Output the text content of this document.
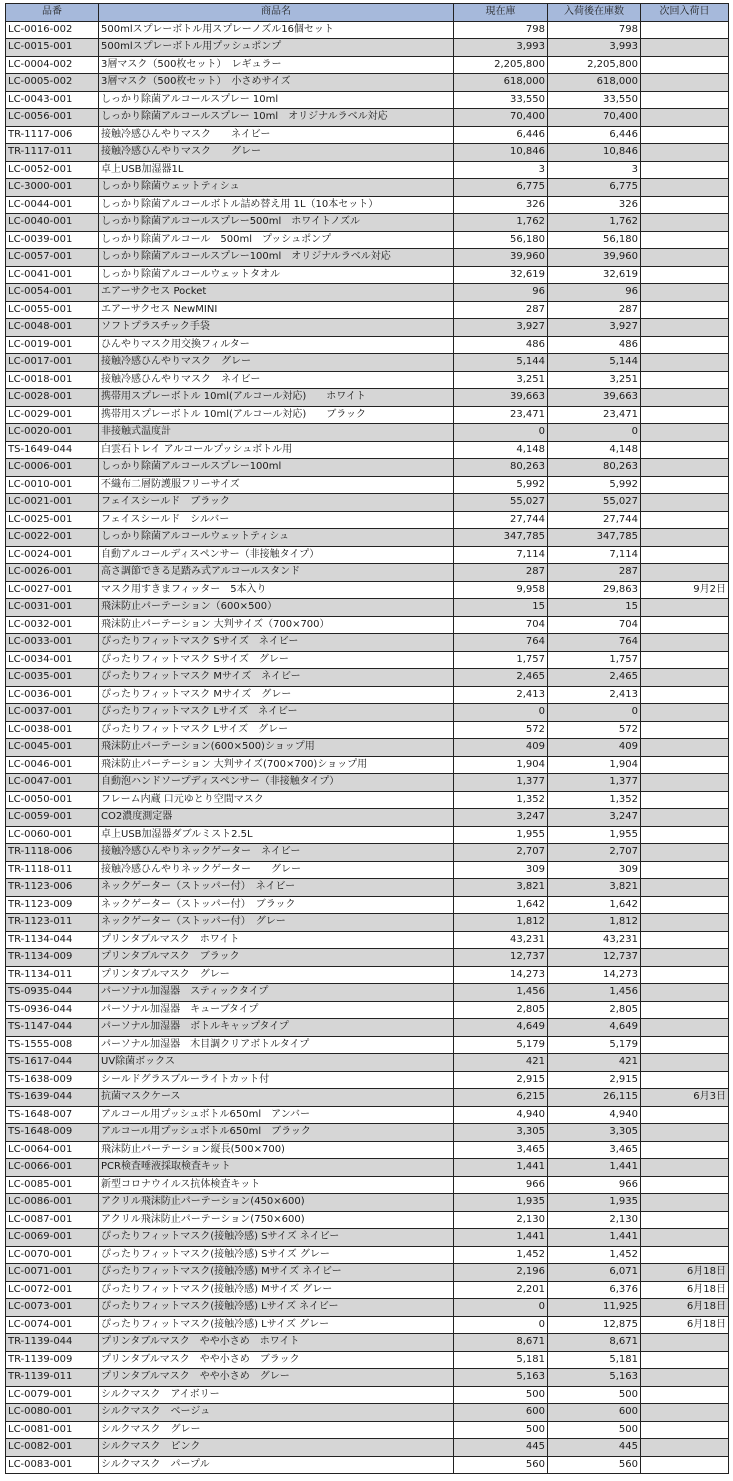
品番	商品名	現在庫	入荷後在庫数	次回入荷日
LC-0016-002	500mlスプレーボトル用スプレーノズル16個セット	798	798	
LC-0015-001	500mlスプレーボトル用プッシュポンプ	3,993	3,993	
LC-0004-002	3層マスク（500枚セット）　レギュラー	2,205,800	2,205,800	
LC-0005-002	3層マスク（500枚セット）　小さめサイズ	618,000	618,000	
LC-0043-001	しっかり除菌アルコールスプレー 10ml	33,550	33,550	
LC-0056-001	しっかり除菌アルコールスプレー 10ml　オリジナルラベル対応	70,400	70,400	
TR-1117-006	接触冷感ひんやりマスク　　ネイビー	6,446	6,446	
TR-1117-011	接触冷感ひんやりマスク　　グレー	10,846	10,846	
LC-0052-001	卓上USB加湿器1L	3	3	
LC-3000-001	しっかり除菌ウェットティシュ	6,775	6,775	
LC-0044-001	しっかり除菌アルコールボトル詰め替え用 1L（10本セット）	326	326	
LC-0040-001	しっかり除菌アルコールスプレー500ml　ホワイトノズル	1,762	1,762	
LC-0039-001	しっかり除菌アルコール　500ml　プッシュポンプ	56,180	56,180	
LC-0057-001	しっかり除菌アルコールスプレー100ml　オリジナルラベル対応	39,960	39,960	
LC-0041-001	しっかり除菌アルコールウェットタオル	32,619	32,619	
LC-0054-001	エアーサクセス Pocket	96	96	
LC-0055-001	エアーサクセス NewMINI	287	287	
LC-0048-001	ソフトプラスチック手袋	3,927	3,927	
LC-0019-001	ひんやりマスク用交換フィルター	486	486	
LC-0017-001	接触冷感ひんやりマスク　グレー	5,144	5,144	
LC-0018-001	接触冷感ひんやりマスク　ネイビー	3,251	3,251	
LC-0028-001	携帯用スプレーボトル 10ml(アルコール対応)　　ホワイト	39,663	39,663	
LC-0029-001	携帯用スプレーボトル 10ml(アルコール対応)　　ブラック	23,471	23,471	
LC-0020-001	非接触式温度計	0	0	
TS-1649-044	白雲石トレイ アルコールプッシュボトル用	4,148	4,148	
LC-0006-001	しっかり除菌アルコールスプレー100ml	80,263	80,263	
LC-0010-001	不織布二層防護服フリーサイズ	5,992	5,992	
LC-0021-001	フェイスシールド　ブラック	55,027	55,027	
LC-0025-001	フェイスシールド　シルバー	27,744	27,744	
LC-0022-001	しっかり除菌アルコールウェットティシュ	347,785	347,785	
LC-0024-001	自動アルコールディスペンサー（非接触タイプ）	7,114	7,114	
LC-0026-001	高さ調節できる足踏み式アルコールスタンド	287	287	
LC-0027-001	マスク用すきまフィッター　5本入り	9,958	29,863	9月2日
LC-0031-001	飛沫防止パーテーション（600×500）	15	15	
LC-0032-001	飛沫防止パーテーション 大判サイズ（700×700）	704	704	
LC-0033-001	ぴったりフィットマスク Sサイズ　ネイビー	764	764	
LC-0034-001	ぴったりフィットマスク Sサイズ　グレー	1,757	1,757	
LC-0035-001	ぴったりフィットマスク Mサイズ　ネイビー	2,465	2,465	
LC-0036-001	ぴったりフィットマスク Mサイズ　グレー	2,413	2,413	
LC-0037-001	ぴったりフィットマスク Lサイズ　ネイビー	0	0	
LC-0038-001	ぴったりフィットマスク Lサイズ　グレー	572	572	
LC-0045-001	飛沫防止パーテーション(600×500)ショップ用	409	409	
LC-0046-001	飛沫防止パーテーション 大判サイズ(700×700)ショップ用	1,904	1,904	
LC-0047-001	自動泡ハンドソープディスペンサー（非接触タイプ）	1,377	1,377	
LC-0050-001	フレーム内蔵 口元ゆとり空間マスク	1,352	1,352	
LC-0059-001	CO2濃度測定器	3,247	3,247	
LC-0060-001	卓上USB加湿器ダブルミスト2.5L	1,955	1,955	
TR-1118-006	接触冷感ひんやりネックゲーター　ネイビー	2,707	2,707	
TR-1118-011	接触冷感ひんやりネックゲーター　　グレー	309	309	
TR-1123-006	ネックゲーター（ストッパー付）　ネイビー	3,821	3,821	
TR-1123-009	ネックゲーター（ストッパー付）　ブラック	1,642	1,642	
TR-1123-011	ネックゲーター（ストッパー付）　グレー	1,812	1,812	
TR-1134-044	プリンタブルマスク　ホワイト	43,231	43,231	
TR-1134-009	プリンタブルマスク　ブラック	12,737	12,737	
TR-1134-011	プリンタブルマスク　グレー	14,273	14,273	
TS-0935-044	パーソナル加湿器　スティックタイプ	1,456	1,456	
TS-0936-044	パーソナル加湿器　キューブタイプ	2,805	2,805	
TS-1147-044	パーソナル加湿器　ボトルキャップタイプ	4,649	4,649	
TS-1555-008	パーソナル加湿器　木目調クリアボトルタイプ	5,179	5,179	
TS-1617-044	UV除菌ボックス	421	421	
TS-1638-009	シールドグラスブルーライトカット付	2,915	2,915	
TS-1639-044	抗菌マスクケース	6,215	26,115	6月3日
TS-1648-007	アルコール用プッシュボトル650ml　アンバー	4,940	4,940	
TS-1648-009	アルコール用プッシュボトル650ml　ブラック	3,305	3,305	
LC-0064-001	飛沫防止パーテーション縦長(500×700)	3,465	3,465	
LC-0066-001	PCR検査唾液採取検査キット	1,441	1,441	
LC-0085-001	新型コロナウイルス抗体検査キット	966	966	
LC-0086-001	アクリル飛沫防止パーテーション(450×600)	1,935	1,935	
LC-0087-001	アクリル飛沫防止パーテーション(750×600)	2,130	2,130	
LC-0069-001	ぴったりフィットマスク(接触冷感) Sサイズ ネイビー	1,441	1,441	
LC-0070-001	ぴったりフィットマスク(接触冷感) Sサイズ グレー	1,452	1,452	
LC-0071-001	ぴったりフィットマスク(接触冷感) Mサイズ ネイビー	2,196	6,071	6月18日
LC-0072-001	ぴったりフィットマスク(接触冷感) Mサイズ グレー	2,201	6,376	6月18日
LC-0073-001	ぴったりフィットマスク(接触冷感) Lサイズ ネイビー	0	11,925	6月18日
LC-0074-001	ぴったりフィットマスク(接触冷感) Lサイズ グレー	0	12,875	6月18日
TR-1139-044	プリンタブルマスク　やや小さめ　ホワイト	8,671	8,671	
TR-1139-009	プリンタブルマスク　やや小さめ　ブラック	5,181	5,181	
TR-1139-011	プリンタブルマスク　やや小さめ　グレー	5,163	5,163	
LC-0079-001	シルクマスク　アイボリー	500	500	
LC-0080-001	シルクマスク　ベージュ	600	600	
LC-0081-001	シルクマスク　グレー	500	500	
LC-0082-001	シルクマスク　ピンク	445	445	
LC-0083-001	シルクマスク　パープル	560	560	
